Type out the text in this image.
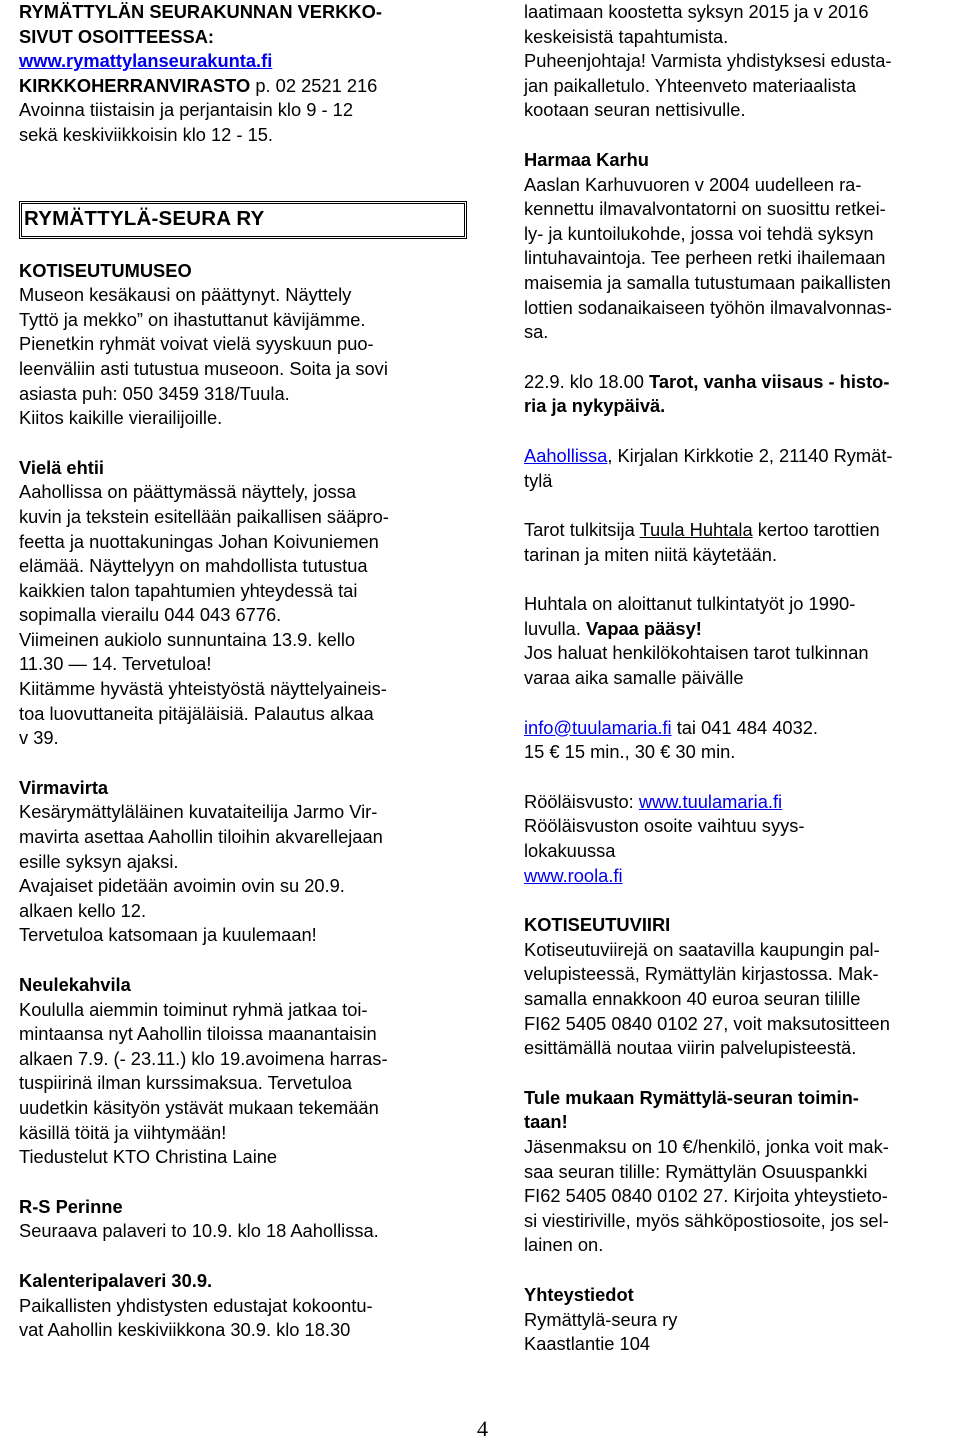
RYMÄTTYLÄN SEURAKUNNAN VERKKO-
SIVUT OSOITTEESSA:
www.rymattylanseurakunta.fi
KIRKKOHERRANVIRASTO p. 02 2521 216
Avoinna tiistaisin ja perjantaisin klo 9 - 12
sekä keskiviikkoisin klo 12 - 15.
RYMÄTTYLÄ-SEURA RY
KOTISEUTUMUSEO
Museon kesäkausi on päättynyt. Näyttely
Tyttö ja mekko” on ihastuttanut kävijämme.
Pienetkin ryhmät voivat vielä syyskuun puo-
leenväliin asti tutustua museoon. Soita ja sovi
asiasta puh: 050 3459 318/Tuula.
Kiitos kaikille vierailijoille.
Vielä ehtii
Aahollissa on päättymässä näyttely, jossa
kuvin ja tekstein esitellään paikallisen sääpro-
feetta ja nuottakuningas Johan Koivuniemen
elämää. Näyttelyyn on mahdollista tutustua
kaikkien talon tapahtumien yhteydessä tai
sopimalla vierailu 044 043 6776.
Viimeinen aukiolo sunnuntaina 13.9. kello
11.30 — 14. Tervetuloa!
Kiitämme hyvästä yhteistyöstä näyttelyaineis-
toa luovuttaneita pitäjäläisiä. Palautus alkaa
v 39.
Virmavirta
Kesärymättyläläinen kuvataiteilija Jarmo Vir-
mavirta asettaa Aahollin tiloihin akvarellejaan
esille syksyn ajaksi.
Avajaiset pidetään avoimin ovin su 20.9.
alkaen kello 12.
Tervetuloa katsomaan ja kuulemaan!
Neulekahvila
Koululla aiemmin toiminut ryhmä jatkaa toi-
mintaansa nyt Aahollin tiloissa maanantaisin
alkaen 7.9. (- 23.11.) klo 19.avoimena harras-
tuspiirinä ilman kurssimaksua. Tervetuloa
uudetkin käsityön ystävät mukaan tekemään
käsillä töitä ja viihtymään!
Tiedustelut KTO Christina Laine
R-S Perinne
Seuraava palaveri to 10.9. klo 18 Aahollissa.
Kalenteripalaveri 30.9.
Paikallisten yhdistysten edustajat kokoontu-
vat Aahollin keskiviikkona 30.9. klo 18.30
laatimaan koostetta syksyn 2015 ja v 2016
keskeisistä tapahtumista.
Puheenjohtaja! Varmista yhdistyksesi edusta-
jan paikalletulo. Yhteenveto materiaalista
kootaan seuran nettisivulle.
Harmaa Karhu
Aaslan Karhuvuoren v 2004 uudelleen ra-
kennettu ilmavalvontatorni on suosittu retkei-
ly- ja kuntoilukohde, jossa voi tehdä syksyn
lintuhavaintoja. Tee perheen retki ihailemaan
maisemia ja samalla tutustumaan paikallisten
lottien sodanaikaiseen työhön ilmavalvonnas-
sa.
22.9. klo 18.00 Tarot, vanha viisaus - histo-
ria ja nykypäivä.
Aahollissa, Kirjalan Kirkkotie 2, 21140 Rymät-
tylä
Tarot tulkitsija Tuula Huhtala kertoo tarottien
tarinan ja miten niitä käytetään.
Huhtala on aloittanut tulkintatyöt jo 1990-
luvulla. Vapaa pääsy!
Jos haluat henkilökohtaisen tarot tulkinnan
varaa aika samalle päivälle
info@tuulamaria.fi tai 041 484 4032.
15 € 15 min., 30 € 30 min.
Rööläisvusto: www.tuulamaria.fi
Rööläisvuston osoite vaihtuu syys-
lokakuussa
www.roola.fi
KOTISEUTUVIIRI
Kotiseutuviirejä on saatavilla kaupungin pal-
velupisteessä, Rymättylän kirjastossa. Mak-
samalla ennakkoon 40 euroa seuran tilille
FI62 5405 0840 0102 27, voit maksutositteen
esittämällä noutaa viirin palvelupisteestä.
Tule mukaan Rymättylä-seuran toimin-
taan!
Jäsenmaksu on 10 €/henkilö, jonka voit mak-
saa seuran tilille: Rymättylän Osuuspankki
FI62 5405 0840 0102 27. Kirjoita yhteystieto-
si viestiriville, myös sähköpostiosoite, jos sel-
lainen on.
Yhteystiedot
Rymättylä-seura ry
Kaastlantie 104
4
